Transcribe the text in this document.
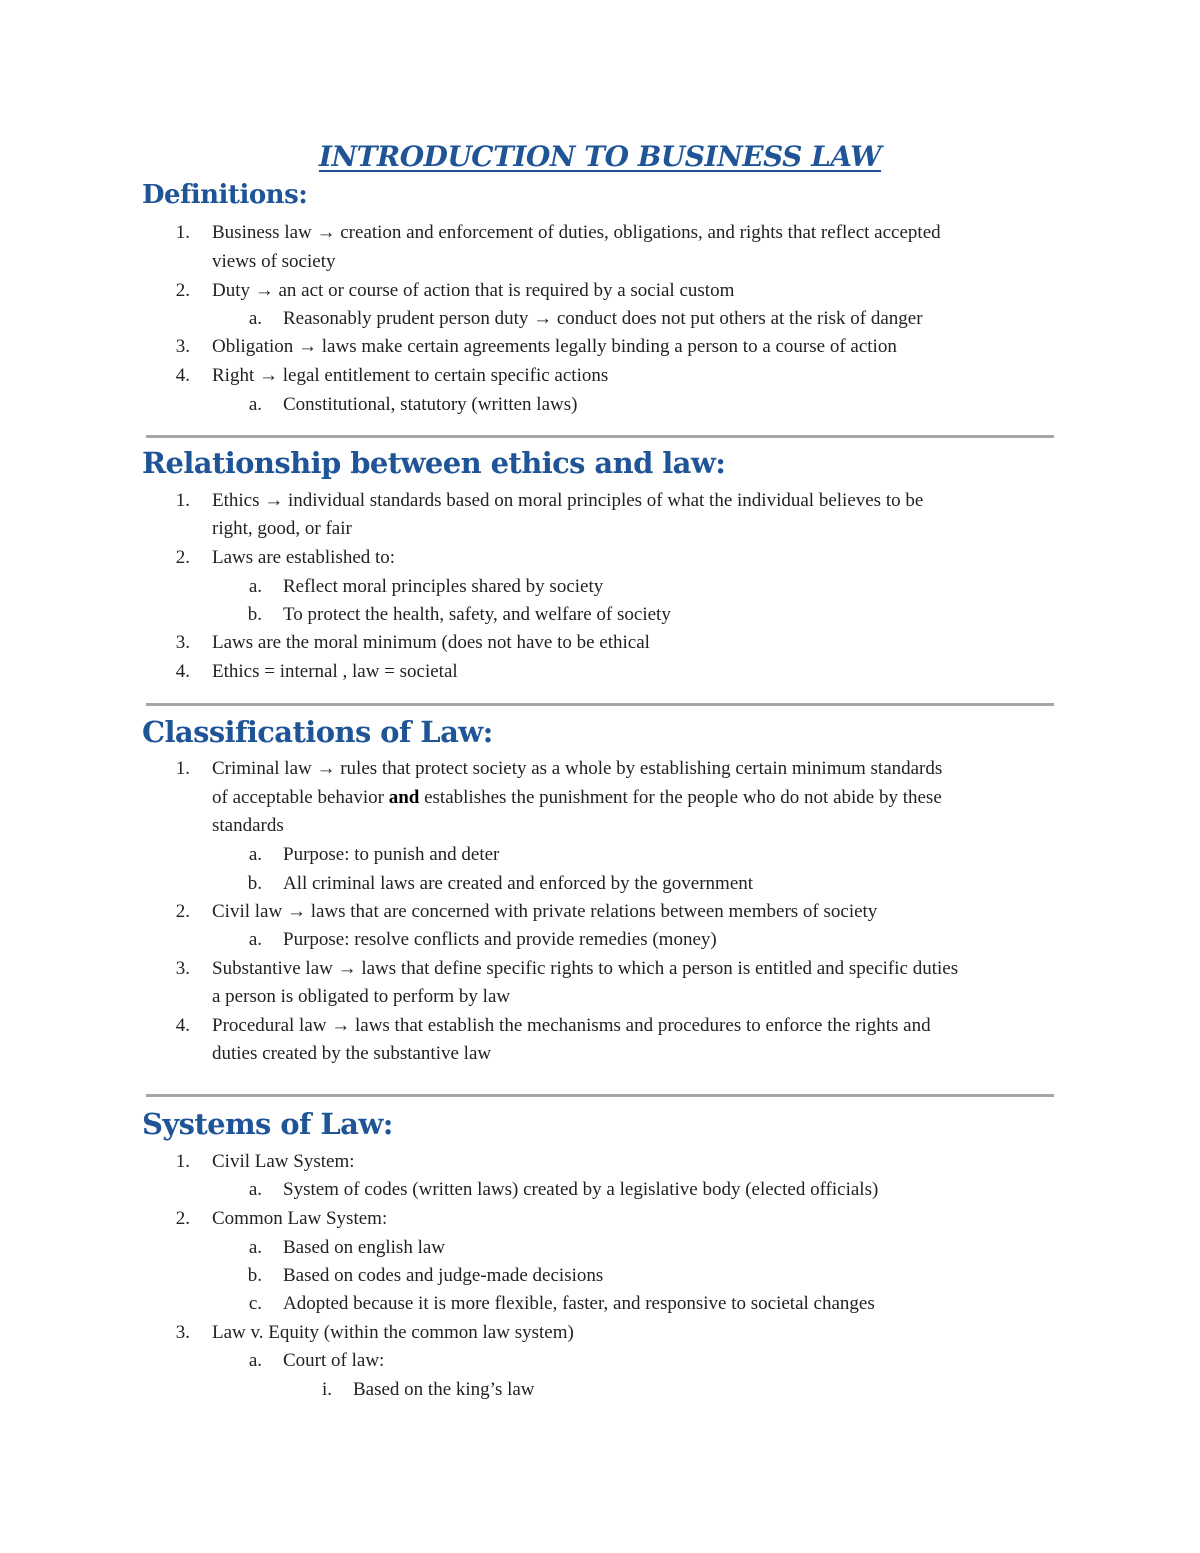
INTRODUCTION TO BUSINESS LAW
Definitions:
1. Business law → creation and enforcement of duties, obligations, and rights that reflect accepted
views of society
2. Duty → an act or course of action that is required by a social custom
a. Reasonably prudent person duty → conduct does not put others at the risk of danger
3. Obligation → laws make certain agreements legally binding a person to a course of action
4. Right → legal entitlement to certain specific actions
a. Constitutional, statutory (written laws)
Relationship between ethics and law:
1. Ethics → individual standards based on moral principles of what the individual believes to be
right, good, or fair
2. Laws are established to:
a. Reflect moral principles shared by society
b. To protect the health, safety, and welfare of society
3. Laws are the moral minimum (does not have to be ethical
4. Ethics = internal , law = societal
Classifications of Law:
1. Criminal law → rules that protect society as a whole by establishing certain minimum standards
of acceptable behavior and establishes the punishment for the people who do not abide by these
standards
a. Purpose: to punish and deter
b. All criminal laws are created and enforced by the government
2. Civil law → laws that are concerned with private relations between members of society
a. Purpose: resolve conflicts and provide remedies (money)
3. Substantive law → laws that define specific rights to which a person is entitled and specific duties
a person is obligated to perform by law
4. Procedural law → laws that establish the mechanisms and procedures to enforce the rights and
duties created by the substantive law
Systems of Law:
1. Civil Law System:
a. System of codes (written laws) created by a legislative body (elected officials)
2. Common Law System:
a. Based on english law
b. Based on codes and judge-made decisions
c. Adopted because it is more flexible, faster, and responsive to societal changes
3. Law v. Equity (within the common law system)
a. Court of law:
i. Based on the king’s law
